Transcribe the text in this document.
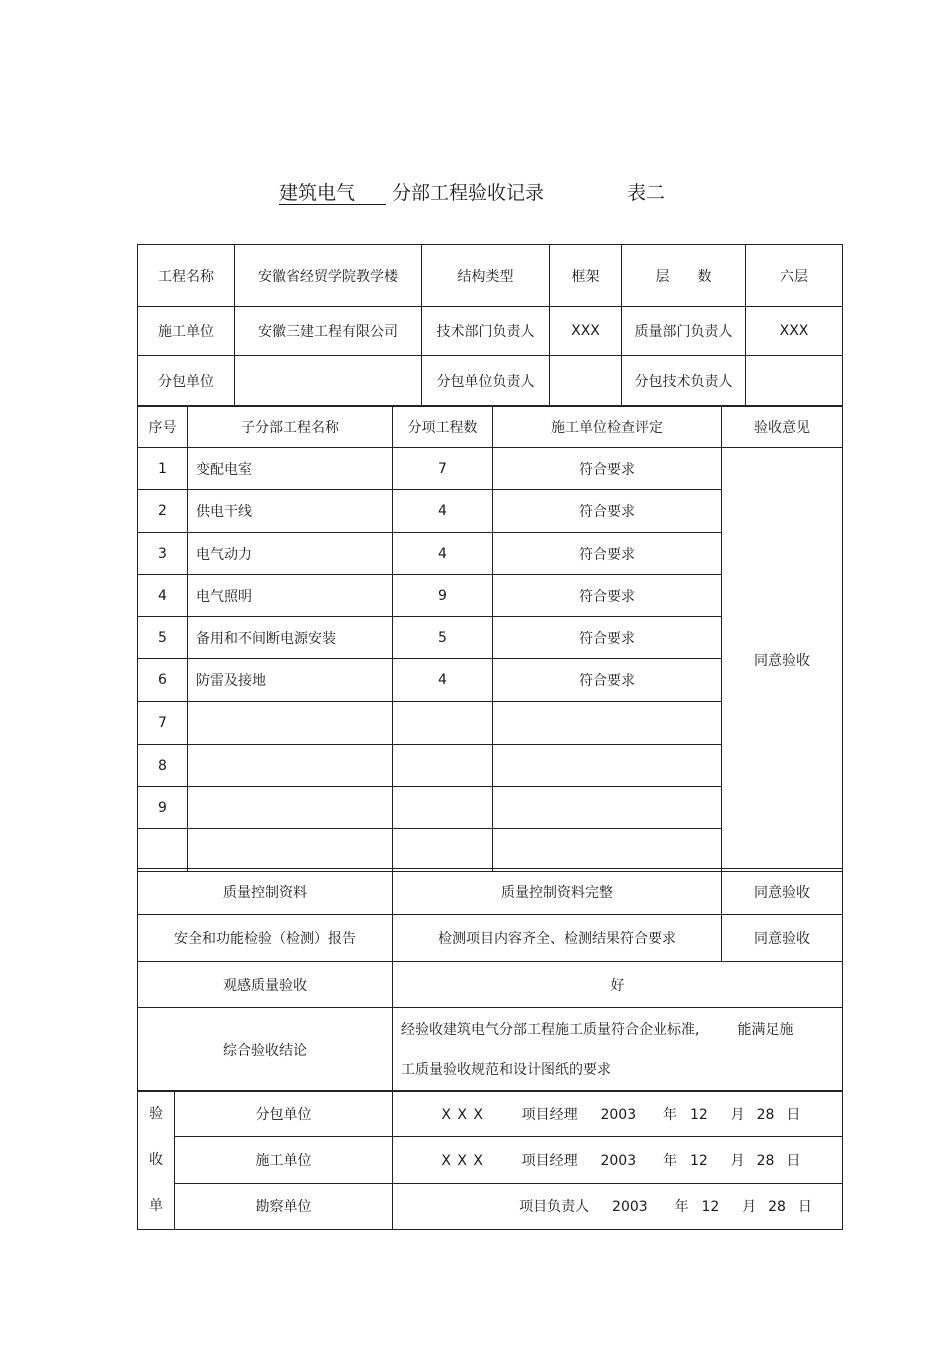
建筑电气　	分部工程验收记录	表二
工程名称	安徽省经贸学院教学楼	结构类型	框架	层　　数	六层
施工单位	安徽三建工程有限公司	技术部门负责人	XXX	质量部门负责人	XXX
分包单位		分包单位负责人		分包技术负责人	
序号	子分部工程名称	分项工程数	施工单位检查评定	验收意见
1	变配电室	7	符合要求	同意验收
2	供电干线	4	符合要求	
3	电气动力	4	符合要求	
4	电气照明	9	符合要求	
5	备用和不间断电源安装	5	符合要求	
6	防雷及接地	4	符合要求	
7				
8				
9				

质量控制资料	质量控制资料完整	同意验收
安全和功能检验（检测）报告	检测项目内容齐全、检测结果符合要求	同意验收
观感质量验收	好	
综合验收结论	经验收建筑电气分部工程施工质量符合企业标准, 能满足施
工质量验收规范和设计图纸的要求	
验
收
单	分包单位	X X X 项目经理 2003 年 12 月 28 日
	施工单位	X X X 项目经理 2003 年 12 月 28 日
	勘察单位	项目负责人 2003 年 12 月 28 日
